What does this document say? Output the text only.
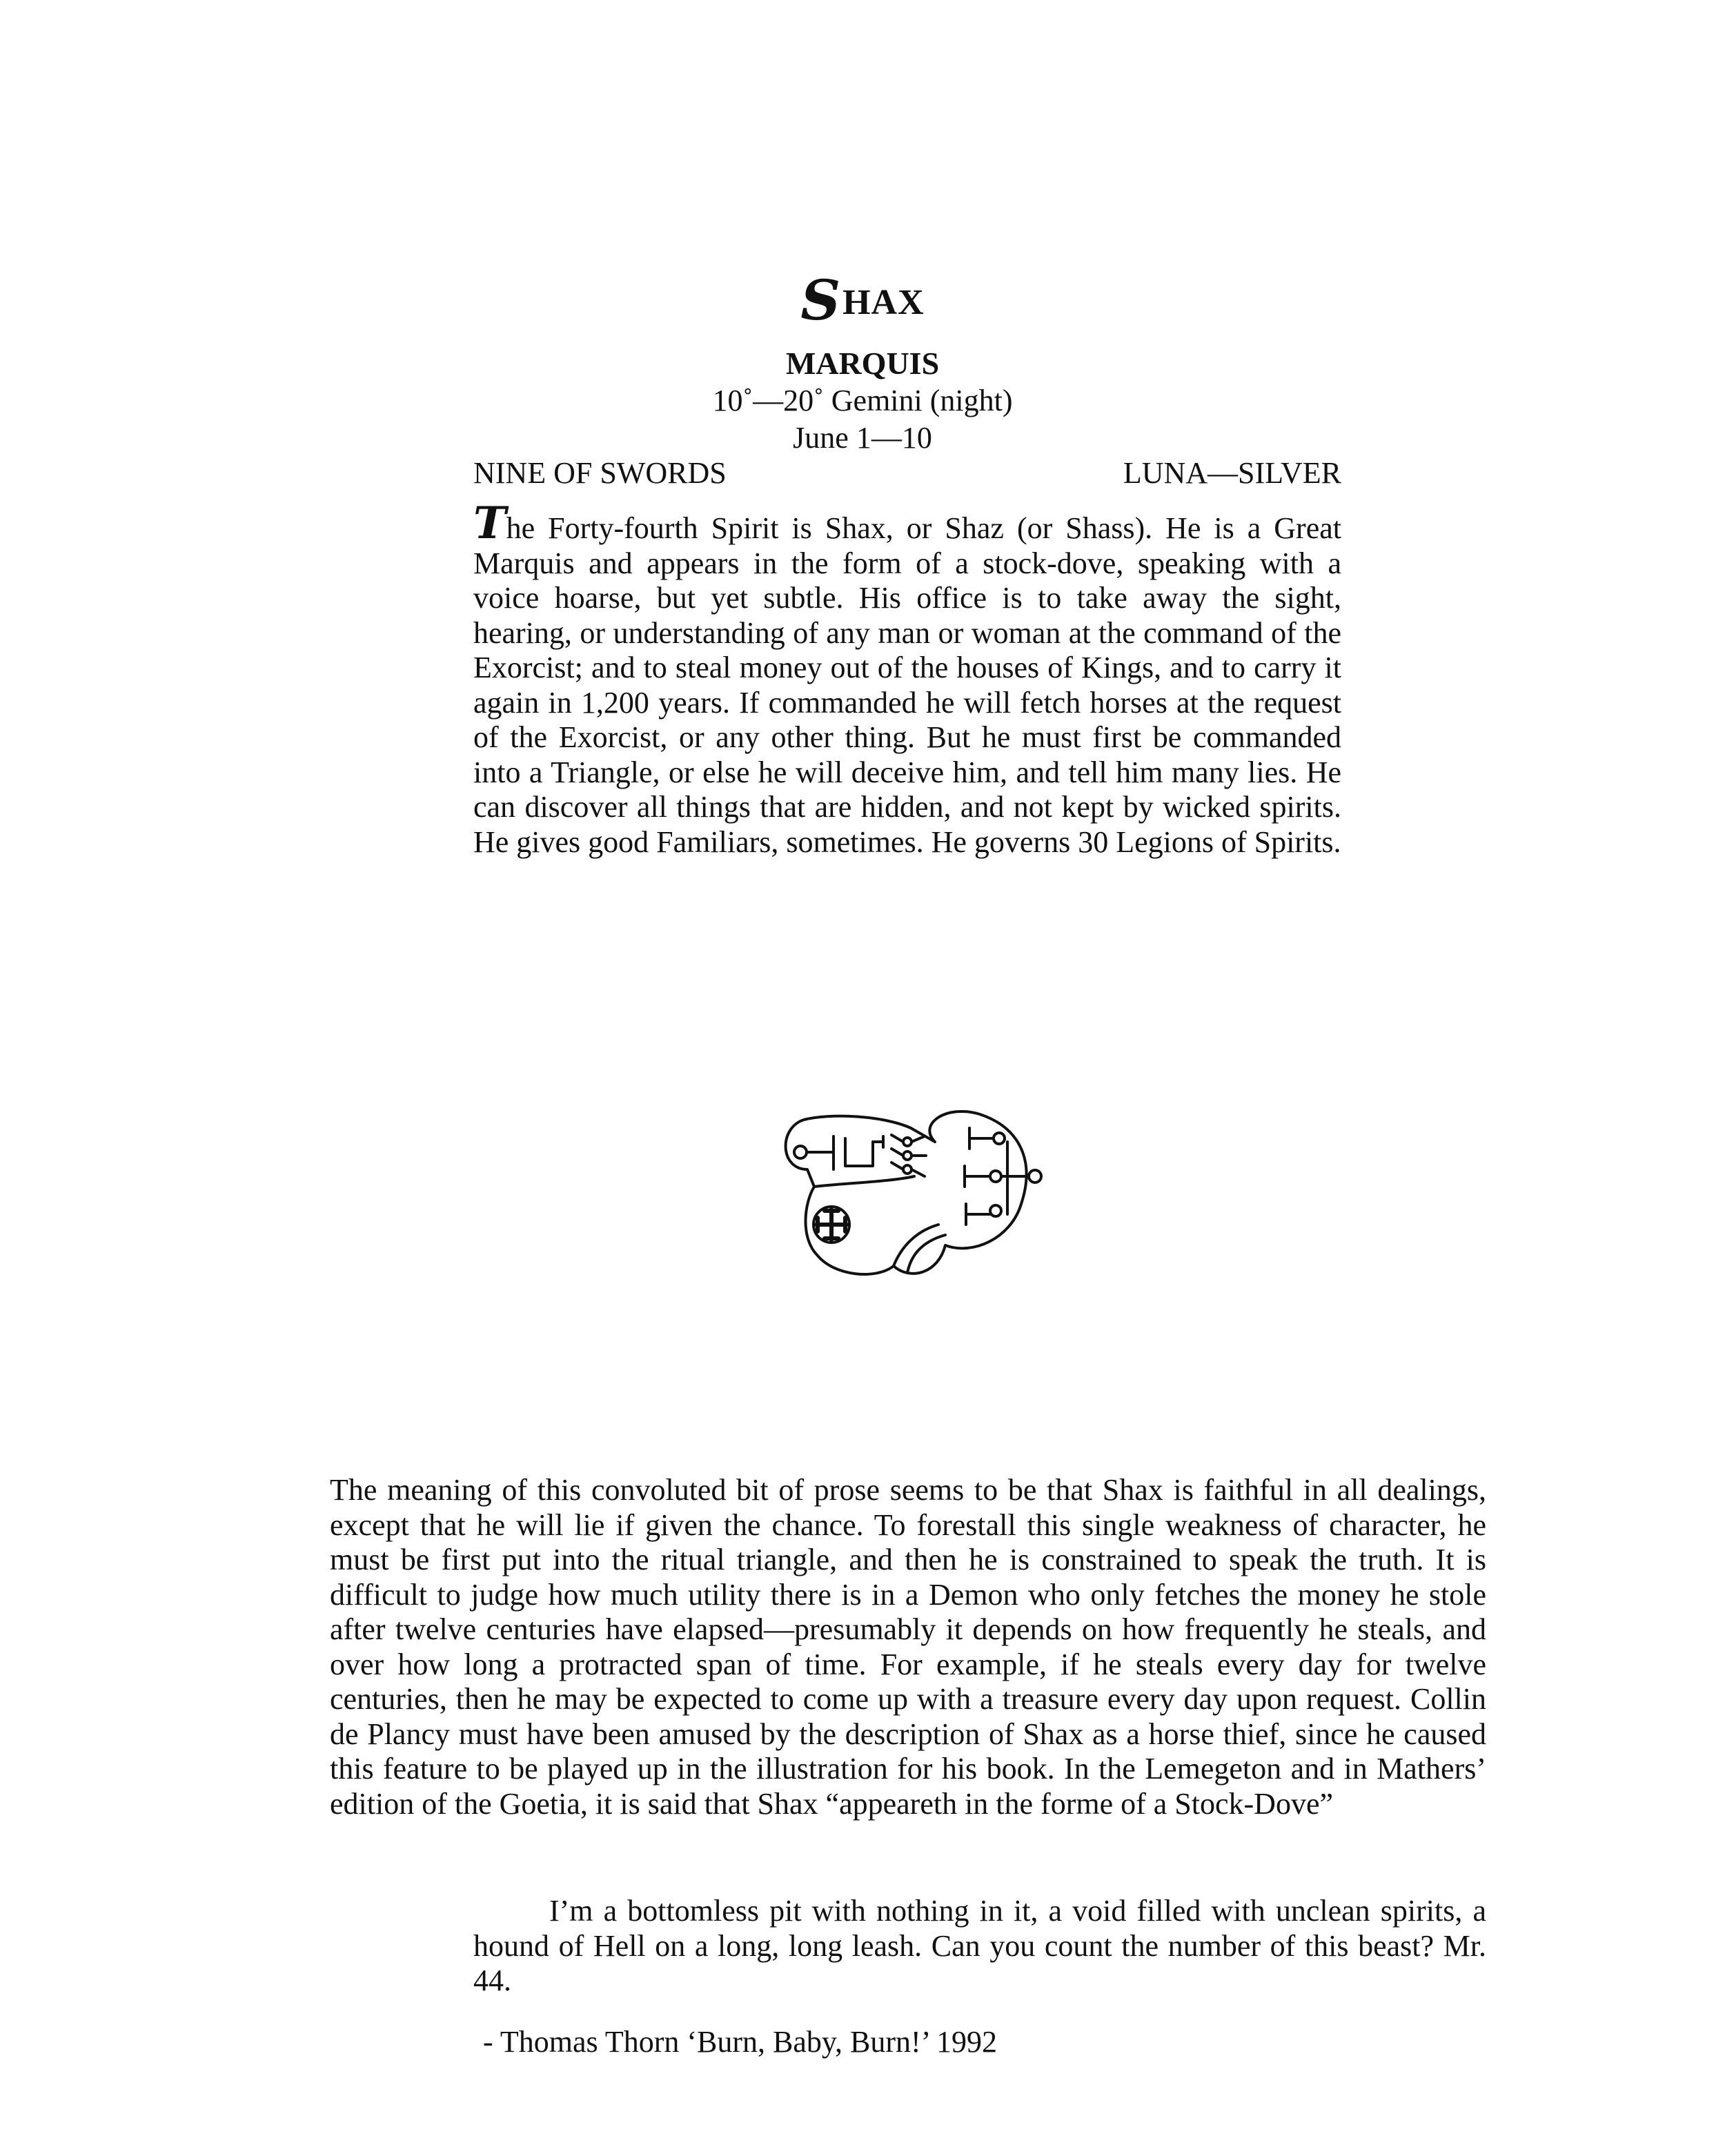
S HAX
MARQUIS
10˚—20˚ Gemini (night)
June 1—10
NINE OF SWORDS	LUNA—SILVER
The Forty-fourth Spirit is Shax, or Shaz (or Shass). He is a Great Marquis and appears in the form of a stock-dove, speaking with a voice hoarse, but yet subtle. His office is to take away the sight, hearing, or understanding of any man or woman at the command of the Exorcist; and to steal money out of the houses of Kings, and to carry it again in 1,200 years. If commanded he will fetch horses at the request of the Exorcist, or any other thing. But he must first be commanded into a Triangle, or else he will deceive him, and tell him many lies. He can discover all things that are hidden, and not kept by wicked spirits. He gives good Familiars, sometimes. He governs 30 Legions of Spirits.
The meaning of this convoluted bit of prose seems to be that Shax is faithful in all dealings, except that he will lie if given the chance. To forestall this single weakness of character, he must be first put into the ritual triangle, and then he is constrained to speak the truth. It is difficult to judge how much utility there is in a Demon who only fetches the money he stole after twelve centuries have elapsed—presumably it depends on how frequently he steals, and over how long a protracted span of time. For example, if he steals every day for twelve centuries, then he may be expected to come up with a treasure every day upon request. Collin de Plancy must have been amused by the description of Shax as a horse thief, since he caused this feature to be played up in the illustration for his book. In the Lemegeton and in Mathers’ edition of the Goetia, it is said that Shax “appeareth in the forme of a Stock-Dove”
I’m a bottomless pit with nothing in it, a void filled with unclean spirits, a hound of Hell on a long, long leash. Can you count the number of this beast? Mr. 44.
- Thomas Thorn ‘Burn, Baby, Burn!’ 1992
